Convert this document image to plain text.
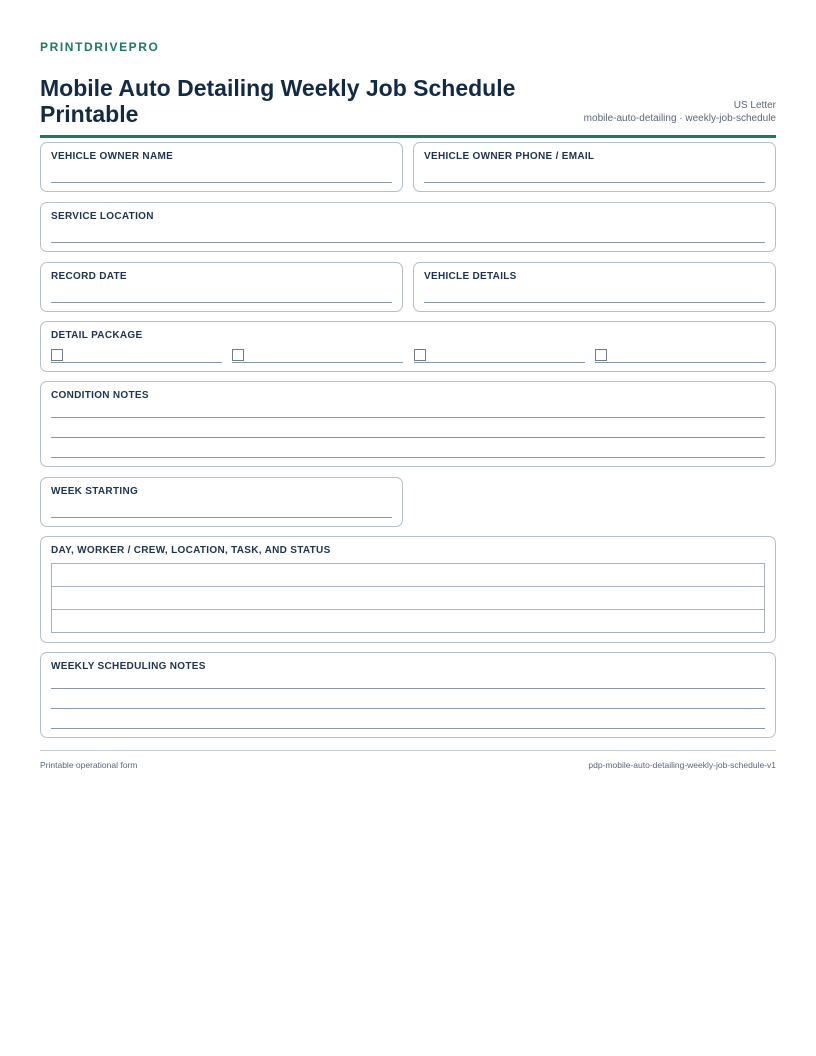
PRINTDRIVEPRO
Mobile Auto Detailing Weekly Job Schedule Printable	US Letter
mobile-auto-detailing · weekly-job-schedule
VEHICLE OWNER NAME	VEHICLE OWNER PHONE / EMAIL
SERVICE LOCATION
RECORD DATE	VEHICLE DETAILS
DETAIL PACKAGE
CONDITION NOTES
WEEK STARTING
DAY, WORKER / CREW, LOCATION, TASK, AND STATUS

WEEKLY SCHEDULING NOTES
Printable operational form	pdp-mobile-auto-detailing-weekly-job-schedule-v1
